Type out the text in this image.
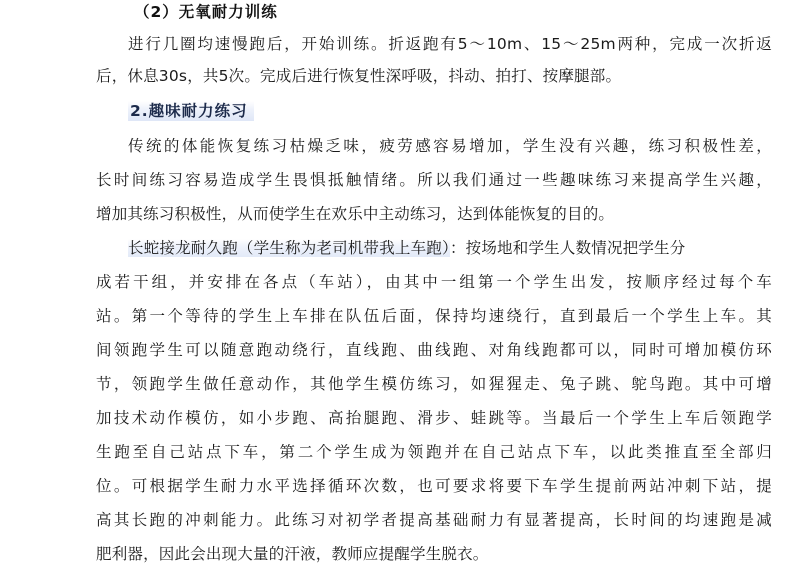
（2）无氧耐力训练
进行几圈均速慢跑后，开始训练。折返跑有5～10m、15～25m两种，完成一次折返
后，休息30s，共5次。完成后进行恢复性深呼吸，抖动、拍打、按摩腿部。
2.趣味耐力练习
传统的体能恢复练习枯燥乏味，疲劳感容易增加，学生没有兴趣，练习积极性差，
长时间练习容易造成学生畏惧抵触情绪。所以我们通过一些趣味练习来提高学生兴趣，
增加其练习积极性，从而使学生在欢乐中主动练习，达到体能恢复的目的。
长蛇接龙耐久跑（学生称为老司机带我上车跑）：按场地和学生人数情况把学生分
成若干组，并安排在各点（车站），由其中一组第一个学生出发，按顺序经过每个车
站。第一个等待的学生上车排在队伍后面，保持均速绕行，直到最后一个学生上车。其
间领跑学生可以随意跑动绕行，直线跑、曲线跑、对角线跑都可以，同时可增加模仿环
节，领跑学生做任意动作，其他学生模仿练习，如猩猩走、兔子跳、鸵鸟跑。其中可增
加技术动作模仿，如小步跑、高抬腿跑、滑步、蛙跳等。当最后一个学生上车后领跑学
生跑至自己站点下车，第二个学生成为领跑并在自己站点下车，以此类推直至全部归
位。可根据学生耐力水平选择循环次数，也可要求将要下车学生提前两站冲刺下站，提
高其长跑的冲刺能力。此练习对初学者提高基础耐力有显著提高，长时间的均速跑是减
肥利器，因此会出现大量的汗液，教师应提醒学生脱衣。
